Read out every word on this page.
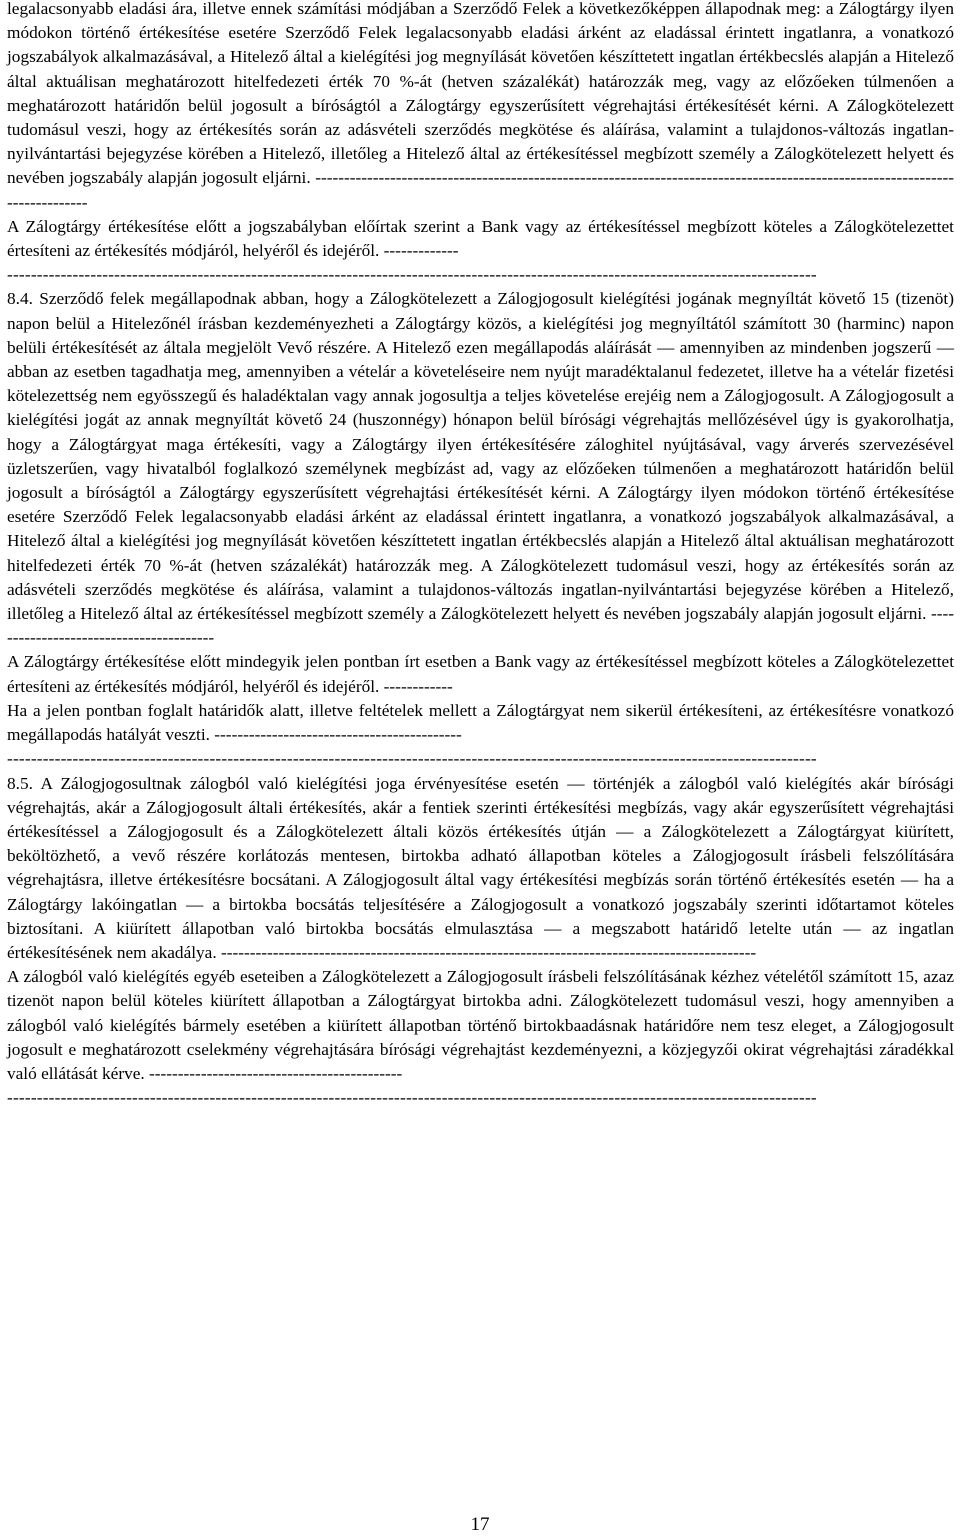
legalacsonyabb eladási ára, illetve ennek számítási módjában a Szerződő Felek a következőképpen állapodnak meg: a Zálogtárgy ilyen módokon történő értékesítése esetére Szerződő Felek legalacsonyabb eladási árként az eladással érintett ingatlanra, a vonatkozó jogszabályok alkalmazásával, a Hitelező által a kielégítési jog megnyílását követően készíttetett ingatlan értékbecslés alapján a Hitelező által aktuálisan meghatározott hitelfedezeti érték 70 %-át (hetven százalékát) határozzák meg, vagy az előzőeken túlmenően a meghatározott határidőn belül jogosult a bíróságtól a Zálogtárgy egyszerűsített végrehajtási értékesítését kérni. A Zálogkötelezett tudomásul veszi, hogy az értékesítés során az adásvételi szerződés megkötése és aláírása, valamint a tulajdonos-változás ingatlan-nyilvántartási bejegyzése körében a Hitelező, illetőleg a Hitelező által az értékesítéssel megbízott személy a Zálogkötelezett helyett és nevében jogszabály alapján jogosult eljárni. -----------------------------------------------------------------------------------------------------------------------------

A Zálogtárgy értékesítése előtt a jogszabályban előírtak szerint a Bank vagy az értékesítéssel megbízott köteles a Zálogkötelezettet értesíteni az értékesítés módjáról, helyéről és idejéről. -------------

----------------------------------------------------------------------------------------------------------------------------------------

8.4. Szerződő felek megállapodnak abban, hogy a Zálogkötelezett a Zálogjogosult kielégítési jogának megnyíltát követő 15 (tizenöt) napon belül a Hitelezőnél írásban kezdeményezheti a Zálogtárgy közös, a kielégítési jog megnyíltától számított 30 (harminc) napon belüli értékesítését az általa megjelölt Vevő részére. A Hitelező ezen megállapodás aláírását — amennyiben az mindenben jogszerű — abban az esetben tagadhatja meg, amennyiben a vételár a követeléseire nem nyújt maradéktalanul fedezetet, illetve ha a vételár fizetési kötelezettség nem egyösszegű és haladéktalan vagy annak jogosultja a teljes követelése erejéig nem a Zálogjogosult. A Zálogjogosult a kielégítési jogát az annak megnyíltát követő 24 (huszonnégy) hónapon belül bírósági végrehajtás mellőzésével úgy is gyakorolhatja, hogy a Zálogtárgyat maga értékesíti, vagy a Zálogtárgy ilyen értékesítésére záloghitel nyújtásával, vagy árverés szervezésével üzletszerűen, vagy hivatalból foglalkozó személynek megbízást ad, vagy az előzőeken túlmenően a meghatározott határidőn belül jogosult a bíróságtól a Zálogtárgy egyszerűsített végrehajtási értékesítését kérni. A Zálogtárgy ilyen módokon történő értékesítése esetére Szerződő Felek legalacsonyabb eladási árként az eladással érintett ingatlanra, a vonatkozó jogszabályok alkalmazásával, a Hitelező által a kielégítési jog megnyílását követően készíttetett ingatlan értékbecslés alapján a Hitelező által aktuálisan meghatározott hitelfedezeti érték 70 %-át (hetven százalékát) határozzák meg. A Zálogkötelezett tudomásul veszi, hogy az értékesítés során az adásvételi szerződés megkötése és aláírása, valamint a tulajdonos-változás ingatlan-nyilvántartási bejegyzése körében a Hitelező, illetőleg a Hitelező által az értékesítéssel megbízott személy a Zálogkötelezett helyett és nevében jogszabály alapján jogosult eljárni. ----------------------------------------

A Zálogtárgy értékesítése előtt mindegyik jelen pontban írt esetben a Bank vagy az értékesítéssel megbízott köteles a Zálogkötelezettet értesíteni az értékesítés módjáról, helyéről és idejéről. ------------

Ha a jelen pontban foglalt határidők alatt, illetve feltételek mellett a Zálogtárgyat nem sikerül értékesíteni, az értékesítésre vonatkozó megállapodás hatályát veszti. -------------------------------------------

----------------------------------------------------------------------------------------------------------------------------------------

8.5. A Zálogjogosultnak zálogból való kielégítési joga érvényesítése esetén — történjék a zálogból való kielégítés akár bírósági végrehajtás, akár a Zálogjogosult általi értékesítés, akár a fentiek szerinti értékesítési megbízás, vagy akár egyszerűsített végrehajtási értékesítéssel a Zálogjogosult és a Zálogkötelezett általi közös értékesítés útján — a Zálogkötelezett a Zálogtárgyat kiürített, beköltözhető, a vevő részére korlátozás mentesen, birtokba adható állapotban köteles a Zálogjogosult írásbeli felszólítására végrehajtásra, illetve értékesítésre bocsátani. A Zálogjogosult által vagy értékesítési megbízás során történő értékesítés esetén — ha a Zálogtárgy lakóingatlan — a birtokba bocsátás teljesítésére a Zálogjogosult a vonatkozó jogszabály szerinti időtartamot köteles biztosítani. A kiürített állapotban való birtokba bocsátás elmulasztása — a megszabott határidő letelte után — az ingatlan értékesítésének nem akadálya. ---------------------------------------------------------------------------------------------

A zálogból való kielégítés egyéb eseteiben a Zálogkötelezett a Zálogjogosult írásbeli felszólításának kézhez vételétől számított 15, azaz tizenöt napon belül köteles kiürített állapotban a Zálogtárgyat birtokba adni. Zálogkötelezett tudomásul veszi, hogy amennyiben a zálogból való kielégítés bármely esetében a kiürített állapotban történő birtokbaadásnak határidőre nem tesz eleget, a Zálogjogosult jogosult e meghatározott cselekmény végrehajtására bírósági végrehajtást kezdeményezni, a közjegyzői okirat végrehajtási záradékkal való ellátását kérve. --------------------------------------------

----------------------------------------------------------------------------------------------------------------------------------------
17
